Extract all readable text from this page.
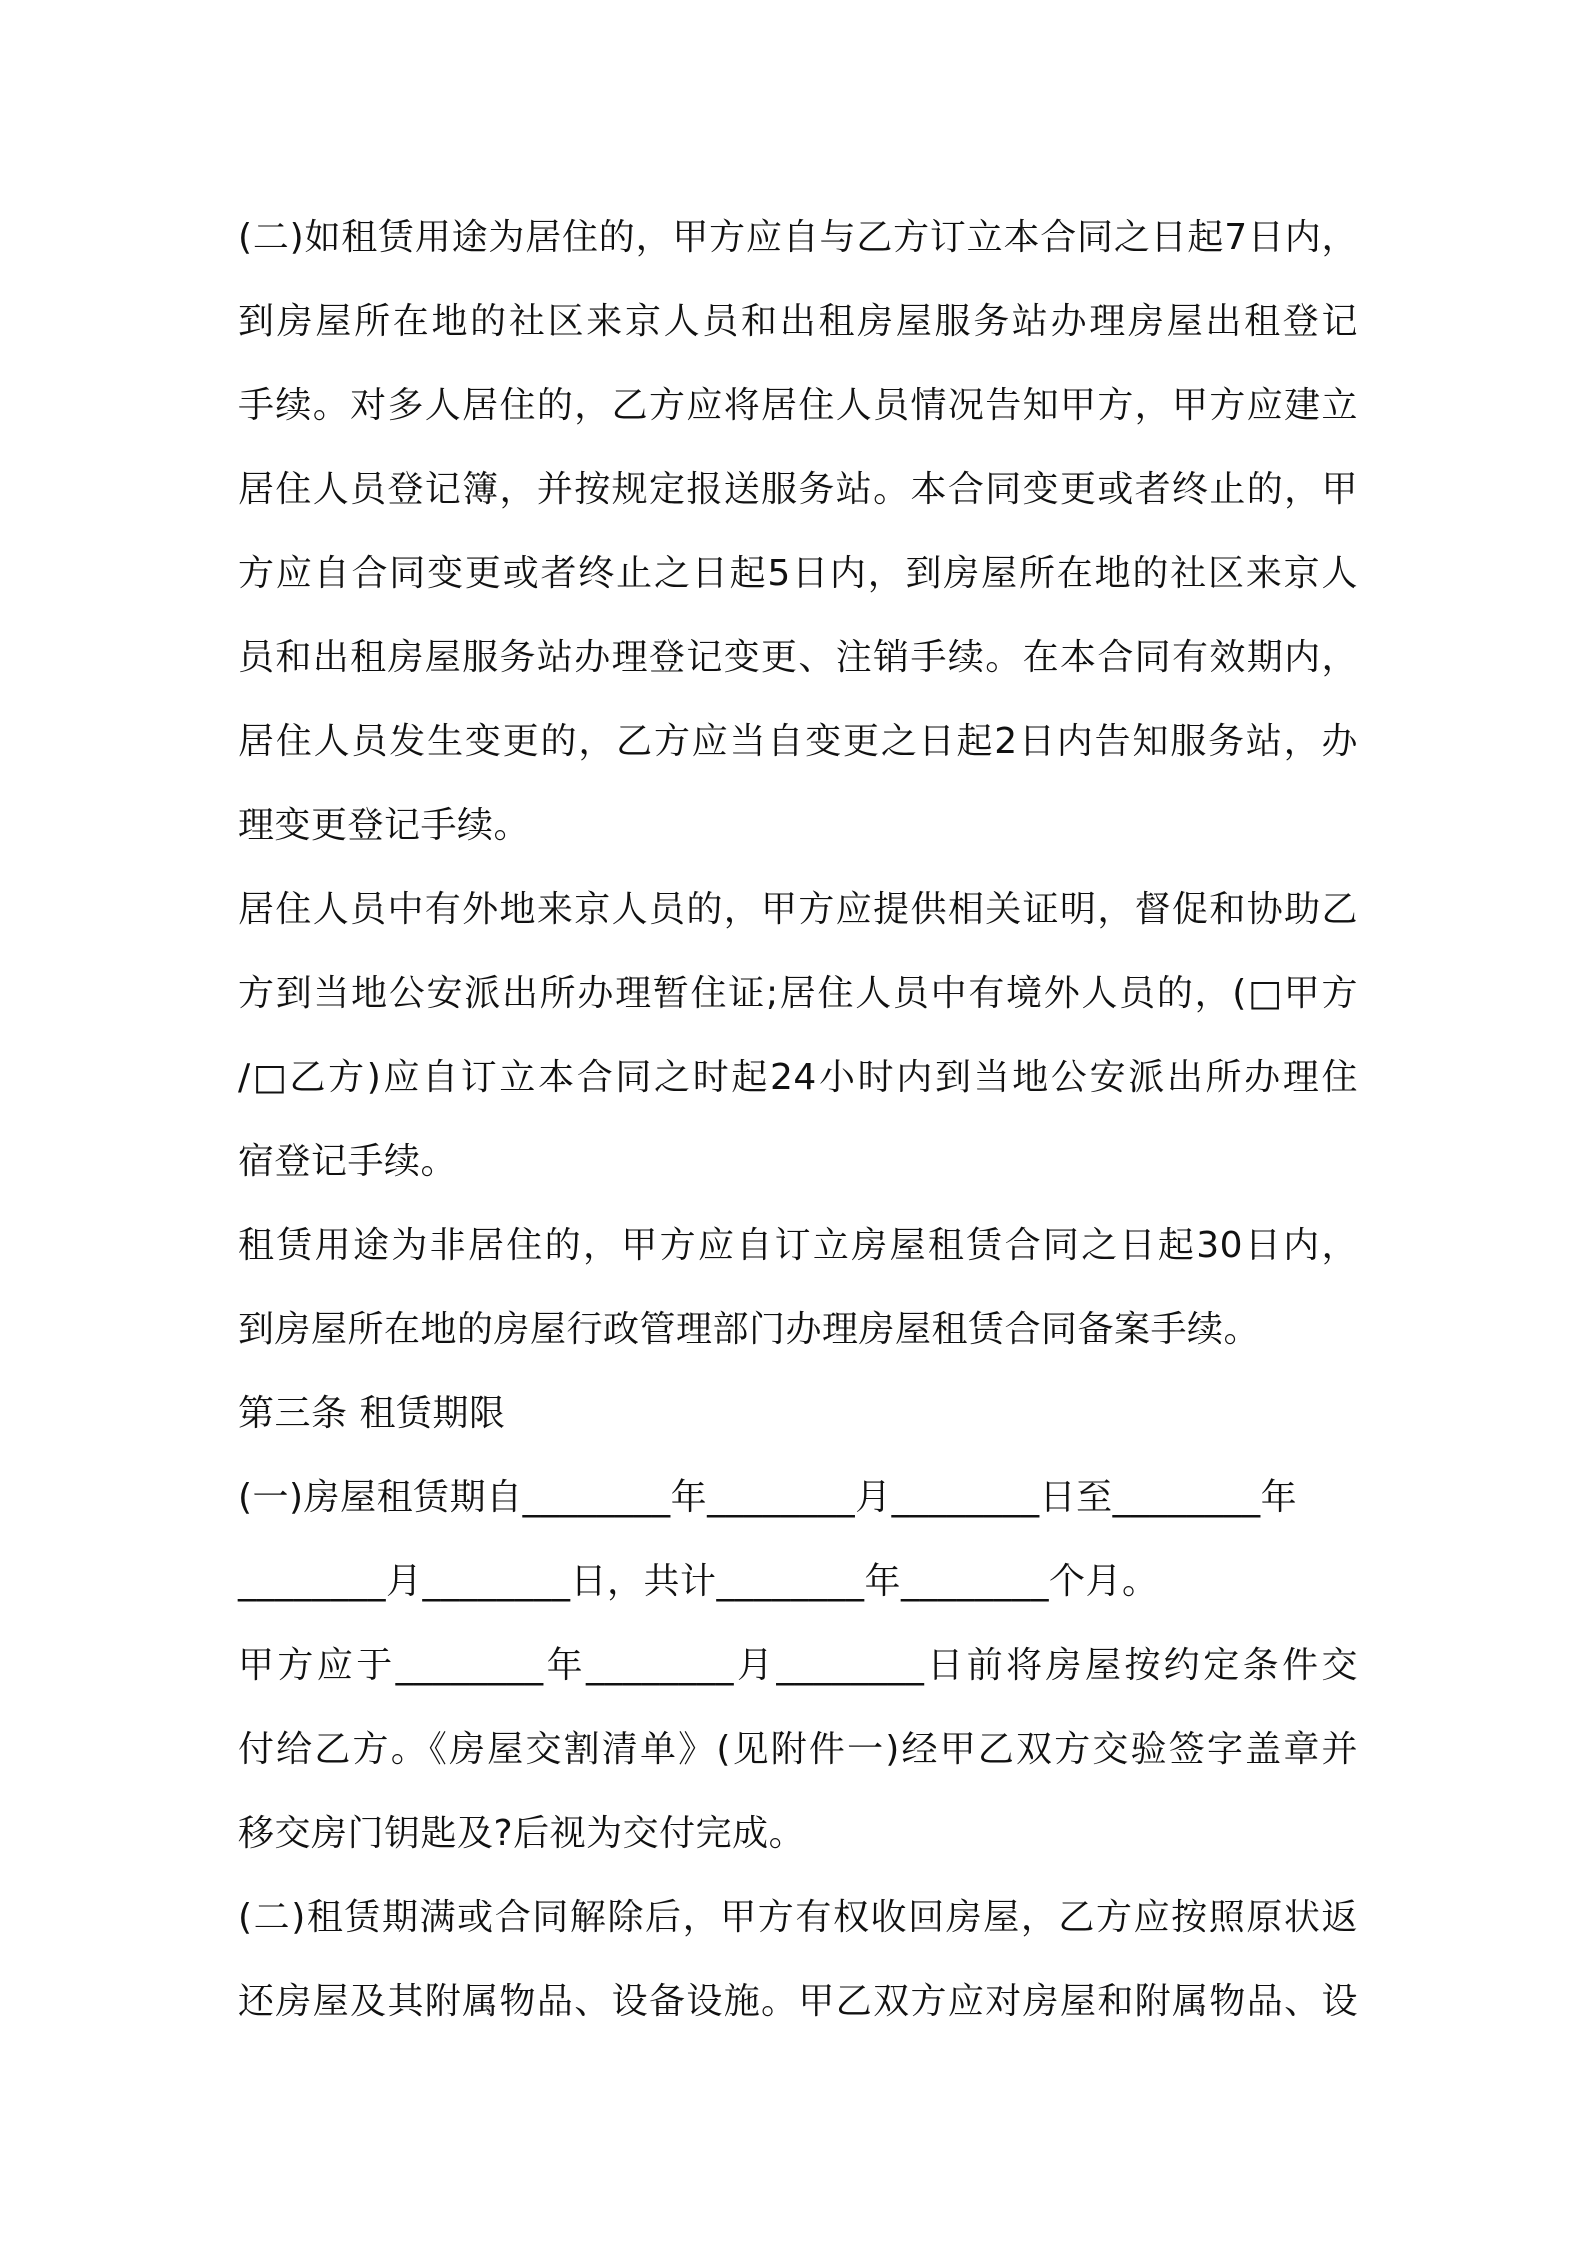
(二)如租赁用途为居住的，甲方应自与乙方订立本合同之日起7日内，
到房屋所在地的社区来京人员和出租房屋服务站办理房屋出租登记
手续。对多人居住的，乙方应将居住人员情况告知甲方，甲方应建立
居住人员登记簿，并按规定报送服务站。本合同变更或者终止的，甲
方应自合同变更或者终止之日起5日内，到房屋所在地的社区来京人
员和出租房屋服务站办理登记变更、注销手续。在本合同有效期内，
居住人员发生变更的，乙方应当自变更之日起2日内告知服务站，办
理变更登记手续。
居住人员中有外地来京人员的，甲方应提供相关证明，督促和协助乙
方到当地公安派出所办理暂住证;居住人员中有境外人员的，(□甲方
/□乙方)应自订立本合同之时起24小时内到当地公安派出所办理住
宿登记手续。
租赁用途为非居住的，甲方应自订立房屋租赁合同之日起30日内，
到房屋所在地的房屋行政管理部门办理房屋租赁合同备案手续。
第三条 租赁期限
(一)房屋租赁期自________年________月________日至________年
________月________日，共计________年________个月。
甲方应于________年________月________日前将房屋按约定条件交
付给乙方。《房屋交割清单》(见附件一)经甲乙双方交验签字盖章并
移交房门钥匙及?后视为交付完成。
(二)租赁期满或合同解除后，甲方有权收回房屋，乙方应按照原状返
还房屋及其附属物品、设备设施。甲乙双方应对房屋和附属物品、设
